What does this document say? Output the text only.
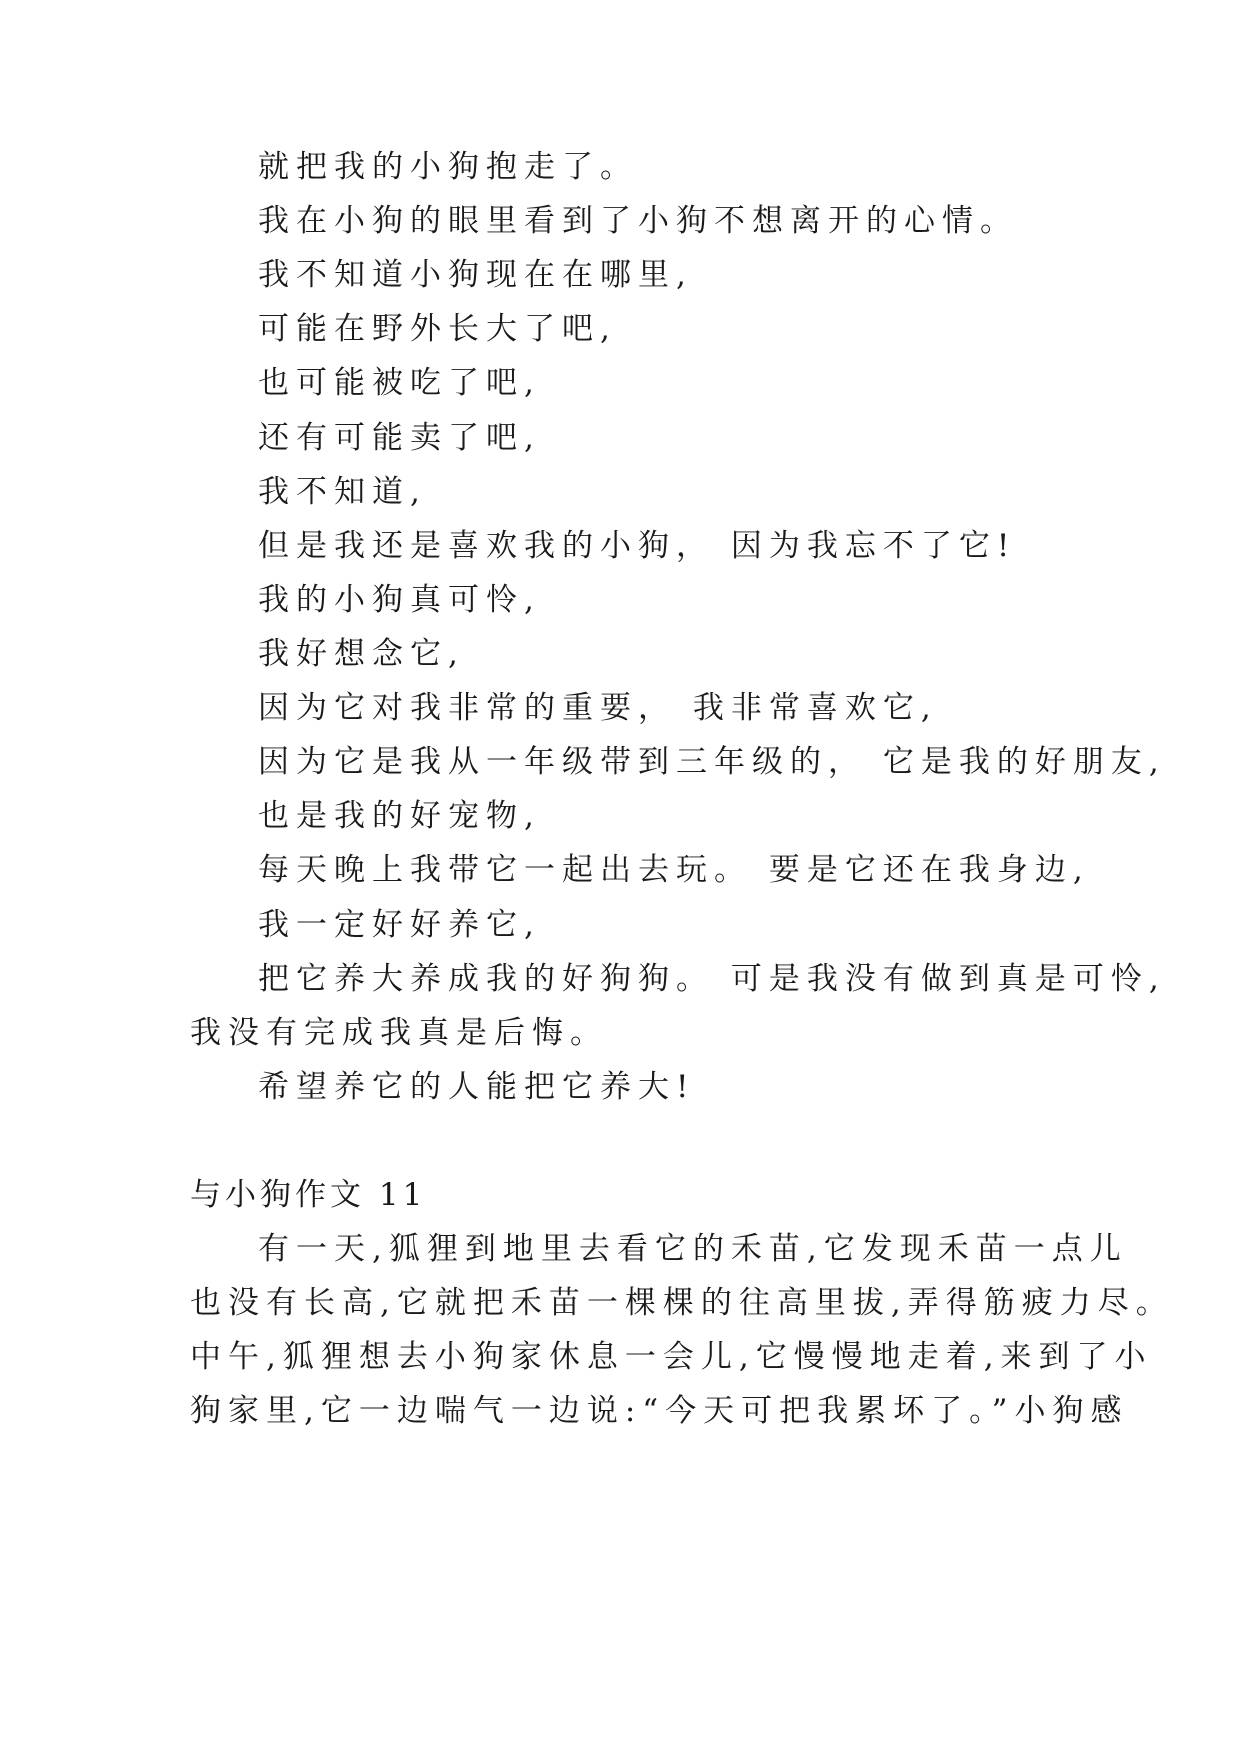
就把我的小狗抱走了。

我在小狗的眼里看到了小狗不想离开的心情。

我不知道小狗现在在哪里,

可能在野外长大了吧,

也可能被吃了吧,

还有可能卖了吧,

我不知道,

但是我还是喜欢我的小狗， 因为我忘不了它!

我的小狗真可怜,

我好想念它,

因为它对我非常的重要， 我非常喜欢它,

因为它是我从一年级带到三年级的， 它是我的好朋友,

也是我的好宠物,

每天晚上我带它一起出去玩。 要是它还在我身边,

我一定好好养它,

把它养大养成我的好狗狗。 可是我没有做到真是可怜,

我没有完成我真是后悔。

希望养它的人能把它养大!

与小狗作文 11

有一天,狐狸到地里去看它的禾苗,它发现禾苗一点儿

也没有长高,它就把禾苗一棵棵的往高里拔,弄得筋疲力尽。

中午,狐狸想去小狗家休息一会儿,它慢慢地走着,来到了小

狗家里,它一边喘气一边说:“今天可把我累坏了。”小狗感
